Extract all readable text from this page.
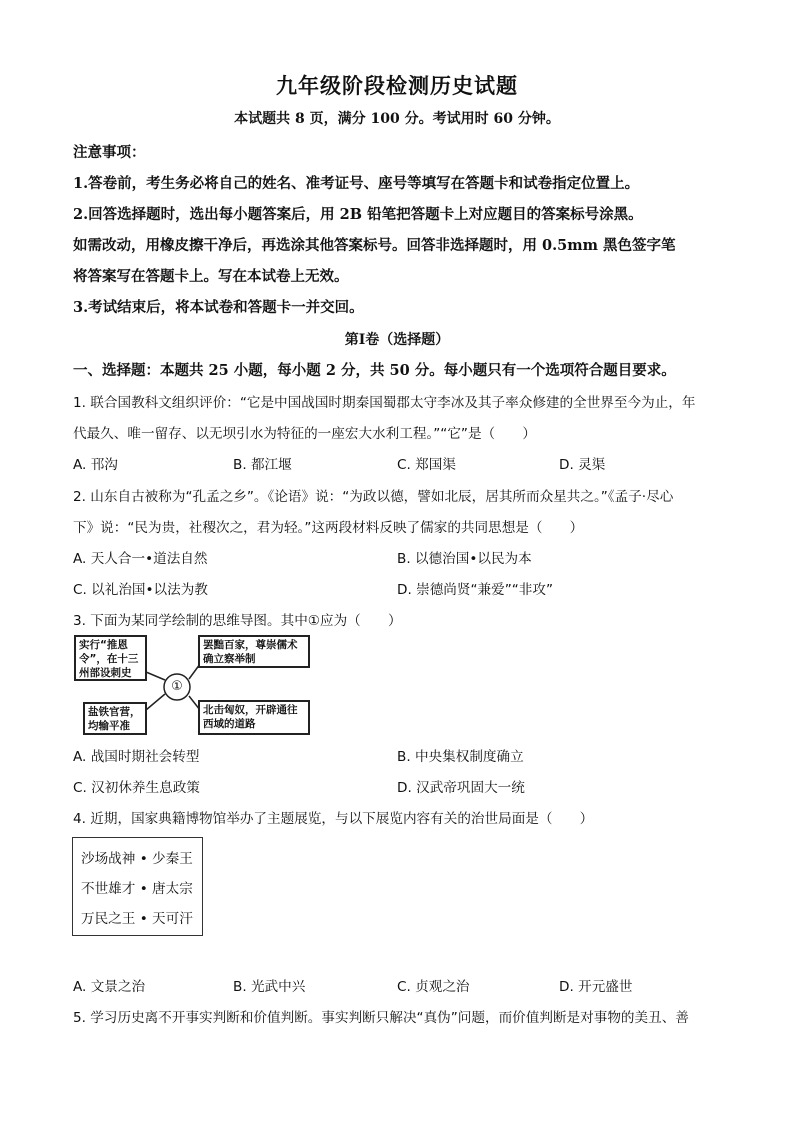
九年级阶段检测历史试题
本试题共 8 页，满分 100 分。考试用时 60 分钟。
注意事项：
1.答卷前，考生务必将自己的姓名、准考证号、座号等填写在答题卡和试卷指定位置上。
2.回答选择题时，选出每小题答案后，用 2B 铅笔把答题卡上对应题目的答案标号涂黑。
如需改动，用橡皮擦干净后，再选涂其他答案标号。回答非选择题时，用 0.5mm 黑色签字笔
将答案写在答题卡上。写在本试卷上无效。
3.考试结束后，将本试卷和答题卡一并交回。
第Ⅰ卷（选择题）
一、选择题：本题共 25 小题，每小题 2 分，共 50 分。每小题只有一个选项符合题目要求。
1. 联合国教科文组织评价：“它是中国战国时期秦国蜀郡太守李冰及其子率众修建的全世界至今为止，年
代最久、唯一留存、以无坝引水为特征的一座宏大水利工程。”“它”是（　　）
A. 邗沟	B. 都江堰	C. 郑国渠	D. 灵渠
2. 山东自古被称为“孔孟之乡”。《论语》说：“为政以德，譬如北辰，居其所而众星共之。”《孟子·尽心
下》说：“民为贵，社稷次之，君为轻。”这两段材料反映了儒家的共同思想是（　　）
A. 天人合一•道法自然	B. 以德治国•以民为本
C. 以礼治国•以法为教	D. 崇德尚贤“兼爱”“非攻”
3. 下面为某同学绘制的思维导图。其中①应为（　　）
实行“推恩令”，在十三州部设刺史
罢黜百家，尊崇儒术确立察举制
盐铁官营，均输平准
北击匈奴，开辟通往西域的道路
①
A. 战国时期社会转型	B. 中央集权制度确立
C. 汉初休养生息政策	D. 汉武帝巩固大一统
4. 近期，国家典籍博物馆举办了主题展览，与以下展览内容有关的治世局面是（　　）
沙场战神 • 少秦王
不世雄才 • 唐太宗
万民之王 • 天可汗
A. 文景之治	B. 光武中兴	C. 贞观之治	D. 开元盛世
5. 学习历史离不开事实判断和价值判断。事实判断只解决“真伪”问题，而价值判断是对事物的美丑、善
